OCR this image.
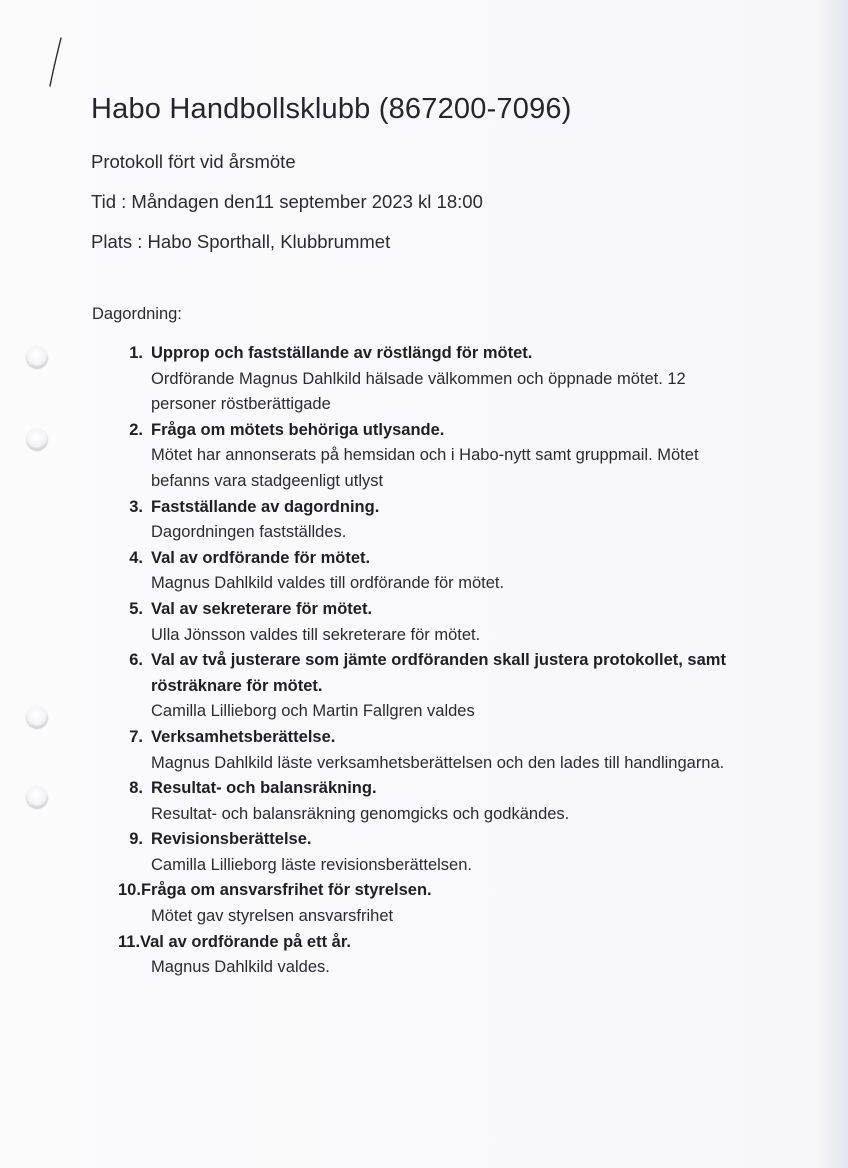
Habo Handbollsklubb (867200-7096)
Protokoll fört vid årsmöte
Tid : Måndagen den11 september 2023 kl 18:00
Plats : Habo Sporthall, Klubbrummet
Dagordning:
1. Upprop och fastställande av röstlängd för mötet.
Ordförande Magnus Dahlkild hälsade välkommen och öppnade mötet. 12 personer röstberättigade
2. Fråga om mötets behöriga utlysande.
Mötet har annonserats på hemsidan och i Habo-nytt samt gruppmail. Mötet befanns vara stadgeenligt utlyst
3. Fastställande av dagordning.
Dagordningen fastställdes.
4. Val av ordförande för mötet.
Magnus Dahlkild valdes till ordförande för mötet.
5. Val av sekreterare för mötet.
Ulla Jönsson valdes till sekreterare för mötet.
6. Val av två justerare som jämte ordföranden skall justera protokollet, samt rösträknare för mötet.
Camilla Lillieborg och Martin Fallgren valdes
7. Verksamhetsberättelse.
Magnus Dahlkild läste verksamhetsberättelsen och den lades till handlingarna.
8. Resultat- och balansräkning.
Resultat- och balansräkning genomgicks och godkändes.
9. Revisionsberättelse.
Camilla Lillieborg läste revisionsberättelsen.
10. Fråga om ansvarsfrihet för styrelsen.
Mötet gav styrelsen ansvarsfrihet
11. Val av ordförande på ett år.
Magnus Dahlkild valdes.
